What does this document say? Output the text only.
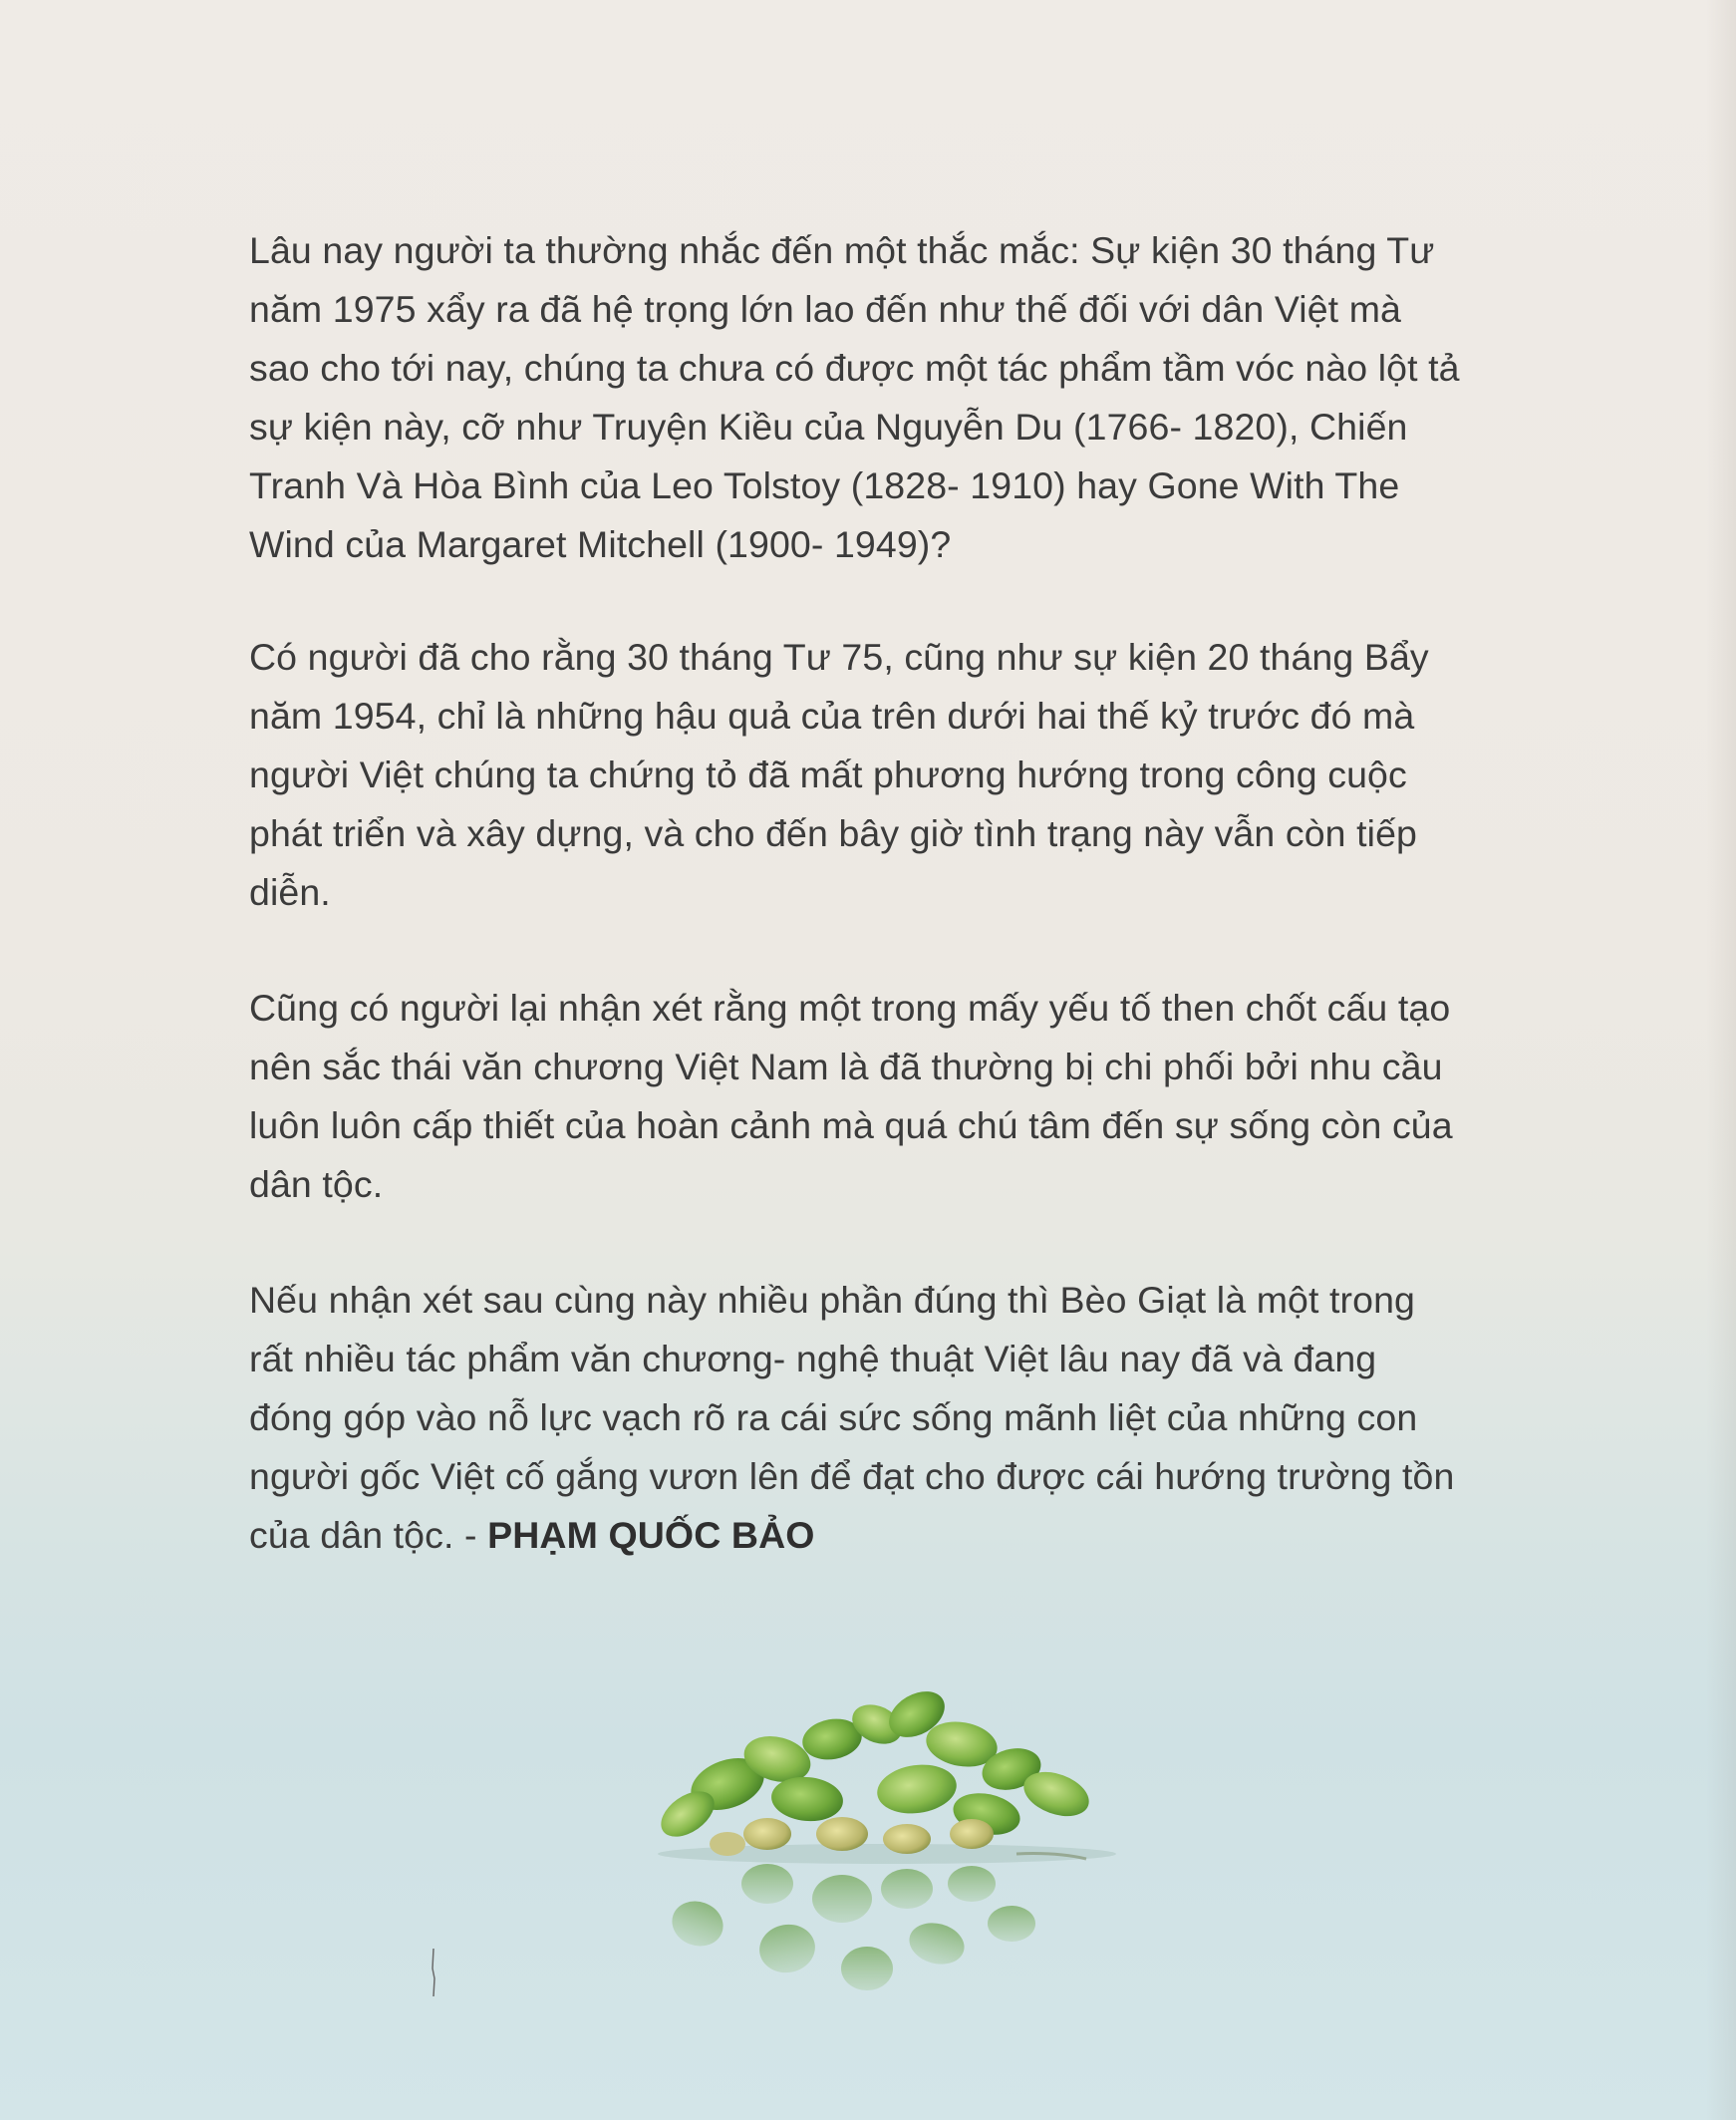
Lâu nay người ta thường nhắc đến một thắc mắc: Sự kiện 30 tháng Tư
năm 1975 xẩy ra đã hệ trọng lớn lao đến như thế đối với dân Việt mà
sao cho tới nay, chúng ta chưa có được một tác phẩm tầm vóc nào lột tả
sự kiện này, cỡ như Truyện Kiều của Nguyễn Du (1766- 1820), Chiến
Tranh Và Hòa Bình của Leo Tolstoy (1828- 1910) hay Gone With The
Wind của Margaret Mitchell (1900- 1949)?

Có người đã cho rằng 30 tháng Tư 75, cũng như sự kiện 20 tháng Bẩy
năm 1954, chỉ là những hậu quả của trên dưới hai thế kỷ trước đó mà
người Việt chúng ta chứng tỏ đã mất phương hướng trong công cuộc
phát triển và xây dựng, và cho đến bây giờ tình trạng này vẫn còn tiếp
diễn.

Cũng có người lại nhận xét rằng một trong mấy yếu tố then chốt cấu tạo
nên sắc thái văn chương Việt Nam là đã thường bị chi phối bởi nhu cầu
luôn luôn cấp thiết của hoàn cảnh mà quá chú tâm đến sự sống còn của
dân tộc.

Nếu nhận xét sau cùng này nhiều phần đúng thì Bèo Giạt là một trong
rất nhiều tác phẩm văn chương- nghệ thuật Việt lâu nay đã và đang
đóng góp vào nỗ lực vạch rõ ra cái sức sống mãnh liệt của những con
người gốc Việt cố gắng vươn lên để đạt cho được cái hướng trường tồn
của dân tộc. - PHẠM QUỐC BẢO
